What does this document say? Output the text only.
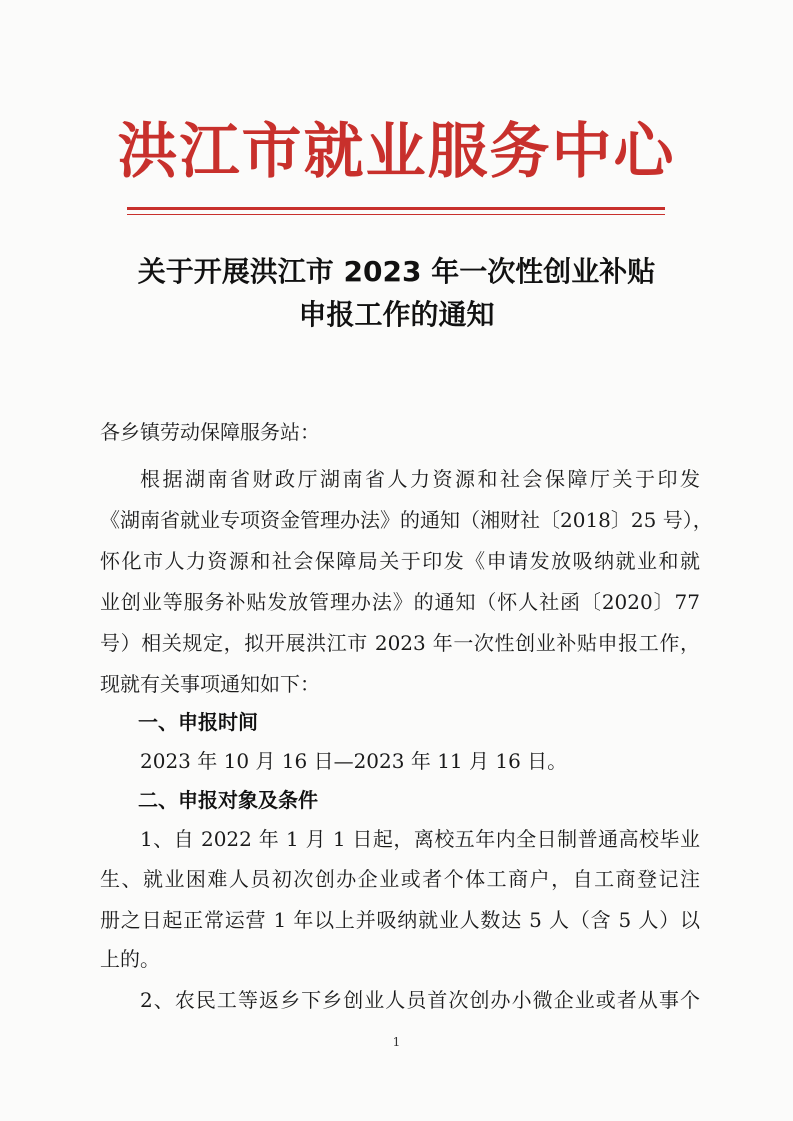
洪江市就业服务中心
关于开展洪江市 2023 年一次性创业补贴
申报工作的通知
各乡镇劳动保障服务站：
根据湖南省财政厅湖南省人力资源和社会保障厅关于印发
《湖南省就业专项资金管理办法》的通知（湘财社〔2018〕25 号），
怀化市人力资源和社会保障局关于印发《申请发放吸纳就业和就
业创业等服务补贴发放管理办法》的通知（怀人社函〔2020〕77
号）相关规定，拟开展洪江市 2023 年一次性创业补贴申报工作，
现就有关事项通知如下：
一、申报时间
2023 年 10 月 16 日—2023 年 11 月 16 日。
二、申报对象及条件
1、自 2022 年 1 月 1 日起，离校五年内全日制普通高校毕业
生、就业困难人员初次创办企业或者个体工商户，自工商登记注
册之日起正常运营 1 年以上并吸纳就业人数达 5 人（含 5 人）以
上的。
2、农民工等返乡下乡创业人员首次创办小微企业或者从事个
1
